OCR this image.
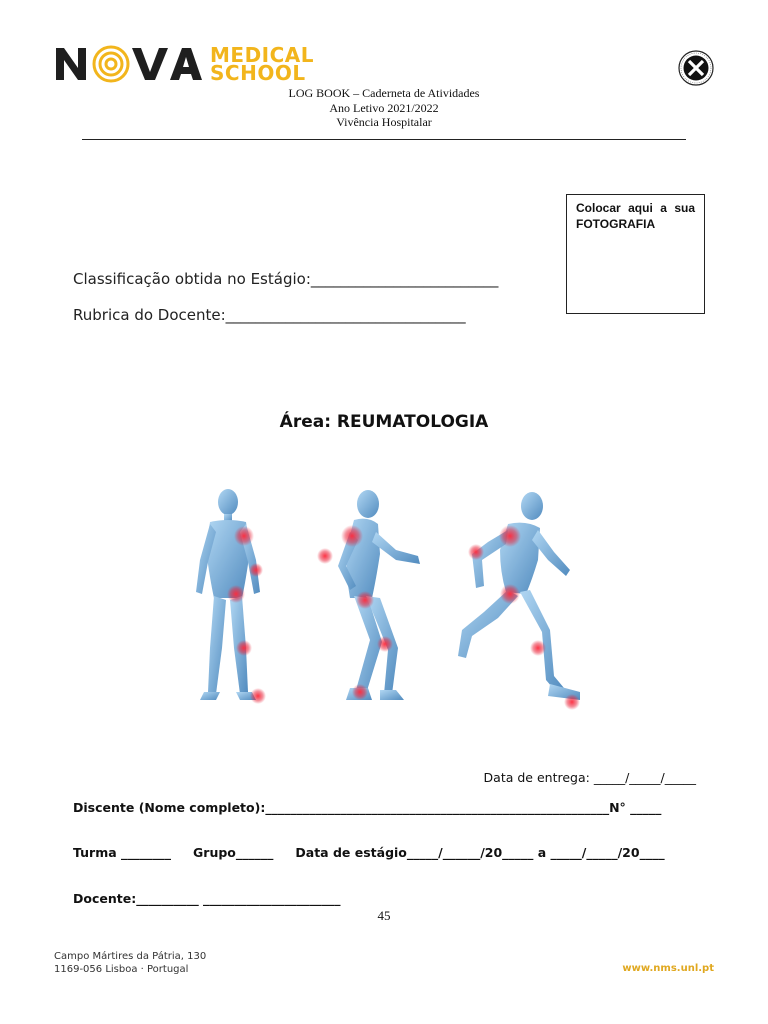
MEDICAL
SCHOOL
LOG BOOK – Caderneta de Atividades
Ano Letivo 2021/2022
Vivência Hospitalar
Colocar aqui a sua FOTOGRAFIA
Classificação obtida no Estágio:_________________________
Rubrica do Docente:________________________________
Área: REUMATOLOGIA
Data de entrega: _____/_____/_____
Discente (Nome completo):_______________________________________________________N° _____
Turma ________ Grupo______ Data de estágio_____/______/20_____ a _____/_____/20____
Docente:__________ ______________________
45
Campo Mártires da Pátria, 130
1169-056 Lisboa · Portugal	www.nms.unl.pt
